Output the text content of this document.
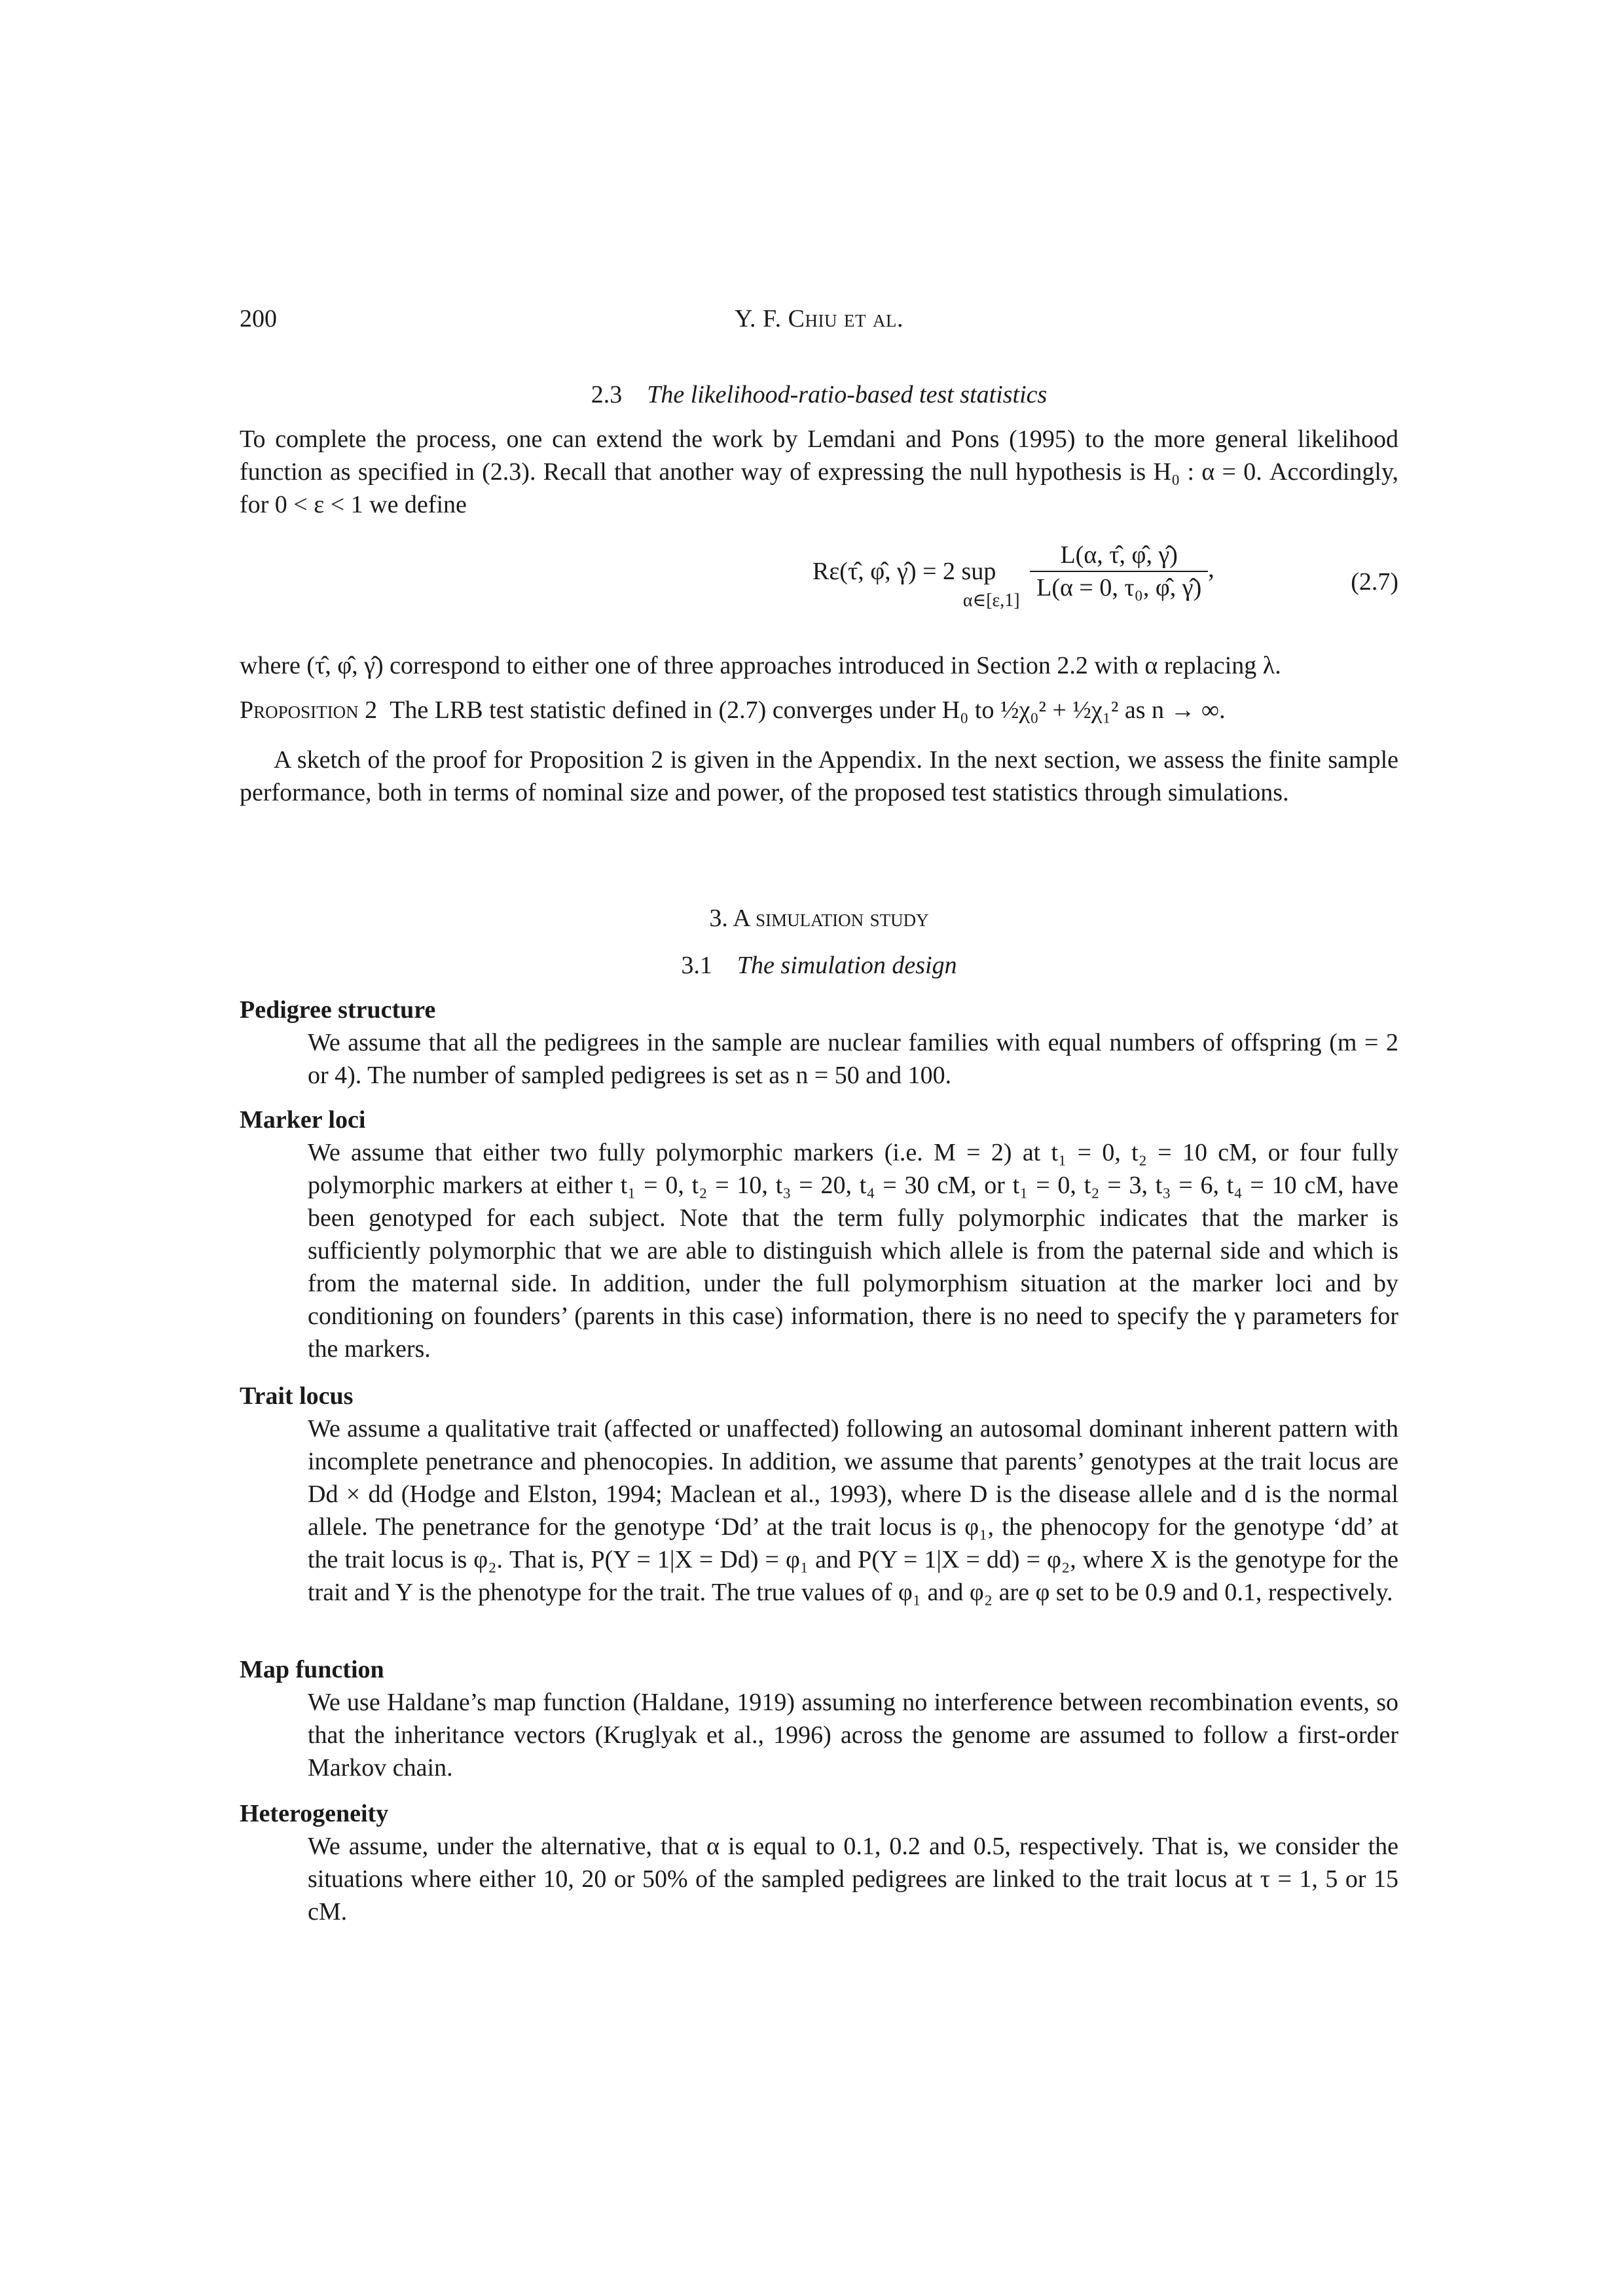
200	Y. F. Chiu et al.
2.3 The likelihood-ratio-based test statistics
To complete the process, one can extend the work by Lemdani and Pons (1995) to the more general likelihood function as specified in (2.3). Recall that another way of expressing the null hypothesis is H₀ : α = 0. Accordingly, for 0 < ε < 1 we define
Rε(τ̂, φ̂, γ̂) = 2 sup α∈[ε,1] $\frac{L(\alpha, \taû, \varphî, \gammâ)}{\text{L(α = 0, τ₀, φ̂, γ̂)}}$ ,	(2.7)
where (τ̂, φ̂, γ̂) correspond to either one of three approaches introduced in Section 2.2 with α replacing λ.
Proposition 2 The LRB test statistic defined in (2.7) converges under H₀ to ½χ₀² + ½χ₁² as n → ∞.
A sketch of the proof for Proposition 2 is given in the Appendix. In the next section, we assess the finite sample performance, both in terms of nominal size and power, of the proposed test statistics through simulations.
3. A simulation study
3.1 The simulation design
Pedigree structure
We assume that all the pedigrees in the sample are nuclear families with equal numbers of offspring (m = 2 or 4). The number of sampled pedigrees is set as n = 50 and 100.
Marker loci
We assume that either two fully polymorphic markers (i.e. M = 2) at t₁ = 0, t₂ = 10 cM, or four fully polymorphic markers at either t₁ = 0, t₂ = 10, t₃ = 20, t₄ = 30 cM, or t₁ = 0, t₂ = 3, t₃ = 6, t₄ = 10 cM, have been genotyped for each subject. Note that the term fully polymorphic indicates that the marker is sufficiently polymorphic that we are able to distinguish which allele is from the paternal side and which is from the maternal side. In addition, under the full polymorphism situation at the marker loci and by conditioning on founders’ (parents in this case) information, there is no need to specify the γ parameters for the markers.
Trait locus
We assume a qualitative trait (affected or unaffected) following an autosomal dominant inherent pattern with incomplete penetrance and phenocopies. In addition, we assume that parents’ genotypes at the trait locus are Dd × dd (Hodge and Elston, 1994; Maclean et al., 1993), where D is the disease allele and d is the normal allele. The penetrance for the genotype ‘Dd’ at the trait locus is φ₁, the phenocopy for the genotype ‘dd’ at the trait locus is φ₂. That is, P(Y = 1|X = Dd) = φ₁ and P(Y = 1|X = dd) = φ₂, where X is the genotype for the trait and Y is the phenotype for the trait. The true values of φ₁ and φ₂ are φ set to be 0.9 and 0.1, respectively.
Map function
We use Haldane’s map function (Haldane, 1919) assuming no interference between recombination events, so that the inheritance vectors (Kruglyak et al., 1996) across the genome are assumed to follow a first-order Markov chain.
Heterogeneity
We assume, under the alternative, that α is equal to 0.1, 0.2 and 0.5, respectively. That is, we consider the situations where either 10, 20 or 50% of the sampled pedigrees are linked to the trait locus at τ = 1, 5 or 15 cM.
